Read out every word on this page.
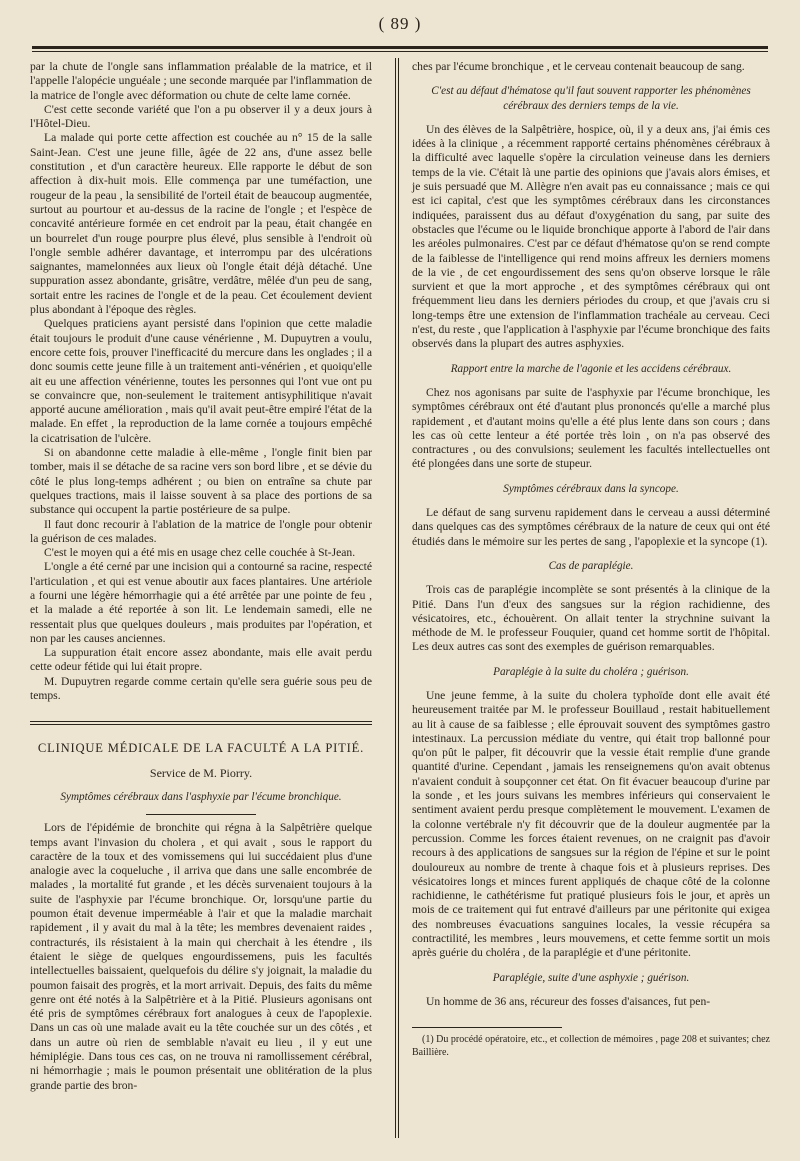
( 89 )

par la chute de l'ongle sans inflammation préalable de la matrice, et il l'appelle l'alopécie unguéale ; une seconde marquée par l'inflammation de la matrice de l'ongle avec déformation ou chute de celte lame cornée.

C'est cette seconde variété que l'on a pu observer il y a deux jours à l'Hôtel-Dieu.

La malade qui porte cette affection est couchée au n° 15 de la salle Saint-Jean. C'est une jeune fille, âgée de 22 ans, d'une assez belle constitution , et d'un caractère heureux. Elle rapporte le début de son affection à dix-huit mois. Elle commença par une tuméfaction, une rougeur de la peau , la sensibilité de l'orteil était de beaucoup augmentée, surtout au pourtour et au-dessus de la racine de l'ongle ; et l'espèce de concavité antérieure formée en cet endroit par la peau, était changée en un bourrelet d'un rouge pourpre plus élevé, plus sensible à l'endroit où l'ongle semble adhérer davantage, et interrompu par des ulcérations saignantes, mamelonnées aux lieux où l'ongle était déjà détaché. Une suppuration assez abondante, grisâtre, verdâtre, mêlée d'un peu de sang, sortait entre les racines de l'ongle et de la peau. Cet écoulement devient plus abondant à l'époque des règles.

Quelques praticiens ayant persisté dans l'opinion que cette maladie était toujours le produit d'une cause vénérienne , M. Dupuytren a voulu, encore cette fois, prouver l'inefficacité du mercure dans les onglades ; il a donc soumis cette jeune fille à un traitement anti-vénérien , et quoiqu'elle ait eu une affection vénérienne, toutes les personnes qui l'ont vue ont pu se convaincre que, non-seulement le traitement antisyphilitique n'avait apporté aucune amélioration , mais qu'il avait peut-être empiré l'état de la malade. En effet , la reproduction de la lame cornée a toujours empêché la cicatrisation de l'ulcère.

Si on abandonne cette maladie à elle-même , l'ongle finit bien par tomber, mais il se détache de sa racine vers son bord libre , et se dévie du côté le plus long-temps adhérent ; ou bien on entraîne sa chute par quelques tractions, mais il laisse souvent à sa place des portions de sa substance qui occupent la partie postérieure de sa pulpe.

Il faut donc recourir à l'ablation de la matrice de l'ongle pour obtenir la guérison de ces malades.

C'est le moyen qui a été mis en usage chez celle couchée à St-Jean.

L'ongle a été cerné par une incision qui a contourné sa racine, respecté l'articulation , et qui est venue aboutir aux faces plantaires. Une artériole a fourni une légère hémorrhagie qui a été arrêtée par une pointe de feu , et la malade a été reportée à son lit. Le lendemain samedi, elle ne ressentait plus que quelques douleurs , mais produites par l'opération, et non par les causes anciennes.

La suppuration était encore assez abondante, mais elle avait perdu cette odeur fétide qui lui était propre.

M. Dupuytren regarde comme certain qu'elle sera guérie sous peu de temps.

CLINIQUE MÉDICALE DE LA FACULTÉ A LA PITIÉ.
Service de M. Piorry.
Symptômes cérébraux dans l'asphyxie par l'écume bronchique.

Lors de l'épidémie de bronchite qui régna à la Salpêtrière quelque temps avant l'invasion du cholera , et qui avait , sous le rapport du caractère de la toux et des vomissemens qui lui succédaient plus d'une analogie avec la coqueluche , il arriva que dans une salle encombrée de malades , la mortalité fut grande , et les décès survenaient toujours à la suite de l'asphyxie par l'écume bronchique. Or, lorsqu'une partie du poumon était devenue imperméable à l'air et que la maladie marchait rapidement , il y avait du mal à la tête; les membres devenaient raides , contracturés, ils résistaient à la main qui cherchait à les étendre , ils étaient le siège de quelques engourdissemens, puis les facultés intellectuelles baissaient, quelquefois du délire s'y joignait, la maladie du poumon faisait des progrès, et la mort arrivait. Depuis, des faits du même genre ont été notés à la Salpêtrière et à la Pitié. Plusieurs agonisans ont été pris de symptômes cérébraux fort analogues à ceux de l'apoplexie. Dans un cas où une malade avait eu la tête couchée sur un des côtés , et dans un autre où rien de semblable n'avait eu lieu , il y eut une hémiplégie. Dans tous ces cas, on ne trouva ni ramollissement cérébral, ni hémorrhagie ; mais le poumon présentait une oblitération de la plus grande partie des bron-

ches par l'écume bronchique , et le cerveau contenait beaucoup de sang.

C'est au défaut d'hématose qu'il faut souvent rapporter les phénomènes cérébraux des derniers temps de la vie.

Un des élèves de la Salpêtrière, hospice, où, il y a deux ans, j'ai émis ces idées à la clinique , a récemment rapporté certains phénomènes cérébraux à la difficulté avec laquelle s'opère la circulation veineuse dans les derniers temps de la vie. C'était là une partie des opinions que j'avais alors émises, et je suis persuadé que M. Allègre n'en avait pas eu connaissance ; mais ce qui est ici capital, c'est que les symptômes cérébraux dans les circonstances indiquées, paraissent dus au défaut d'oxygénation du sang, par suite des obstacles que l'écume ou le liquide bronchique apporte à l'abord de l'air dans les aréoles pulmonaires. C'est par ce défaut d'hématose qu'on se rend compte de la faiblesse de l'intelligence qui rend moins affreux les derniers momens de la vie , de cet engourdissement des sens qu'on observe lorsque le râle survient et que la mort approche , et des symptômes cérébraux qui ont fréquemment lieu dans les derniers périodes du croup, et que j'avais cru si long-temps être une extension de l'inflammation trachéale au cerveau. Ceci n'est, du reste , que l'application à l'asphyxie par l'écume bronchique des faits observés dans la plupart des autres asphyxies.

Rapport entre la marche de l'agonie et les accidens cérébraux.

Chez nos agonisans par suite de l'asphyxie par l'écume bronchique, les symptômes cérébraux ont été d'autant plus prononcés qu'elle a marché plus rapidement , et d'autant moins qu'elle a été plus lente dans son cours ; dans les cas où cette lenteur a été portée très loin , on n'a pas observé des contractures , ou des convulsions; seulement les facultés intellectuelles ont été plongées dans une sorte de stupeur.

Symptômes cérébraux dans la syncope.

Le défaut de sang survenu rapidement dans le cerveau a aussi déterminé dans quelques cas des symptômes cérébraux de la nature de ceux qui ont été étudiés dans le mémoire sur les pertes de sang , l'apoplexie et la syncope (1).

Cas de paraplégie.

Trois cas de paraplégie incomplète se sont présentés à la clinique de la Pitié. Dans l'un d'eux des sangsues sur la région rachidienne, des vésicatoires, etc., échouèrent. On allait tenter la strychnine suivant la méthode de M. le professeur Fouquier, quand cet homme sortit de l'hôpital. Les deux autres cas sont des exemples de guérison remarquables.

Paraplégie à la suite du choléra ; guérison.

Une jeune femme, à la suite du cholera typhoïde dont elle avait été heureusement traitée par M. le professeur Bouillaud , restait habituellement au lit à cause de sa faiblesse ; elle éprouvait souvent des symptômes gastro intestinaux. La percussion médiate du ventre, qui était trop ballonné pour qu'on pût le palper, fit découvrir que la vessie était remplie d'une grande quantité d'urine. Cependant , jamais les renseignemens qu'on avait obtenus n'avaient conduit à soupçonner cet état. On fit évacuer beaucoup d'urine par la sonde , et les jours suivans les membres inférieurs qui conservaient le sentiment avaient perdu presque complètement le mouvement. L'examen de la colonne vertébrale n'y fit découvrir que de la douleur augmentée par la percussion. Comme les forces étaient revenues, on ne craignit pas d'avoir recours à des applications de sangsues sur la région de l'épine et sur le point douloureux au nombre de trente à chaque fois et à plusieurs reprises. Des vésicatoires longs et minces furent appliqués de chaque côté de la colonne rachidienne, le cathétérisme fut pratiqué plusieurs fois le jour, et après un mois de ce traitement qui fut entravé d'ailleurs par une péritonite qui exigea des nombreuses évacuations sanguines locales, la vessie récupéra sa contractilité, les membres , leurs mouvemens, et cette femme sortit un mois après guérie du choléra , de la paraplégie et d'une péritonite.

Paraplégie, suite d'une asphyxie ; guérison.

Un homme de 36 ans, récureur des fosses d'aisances, fut pen-

(1) Du procédé opératoire, etc., et collection de mémoires , page 208 et suivantes; chez Baillière.
